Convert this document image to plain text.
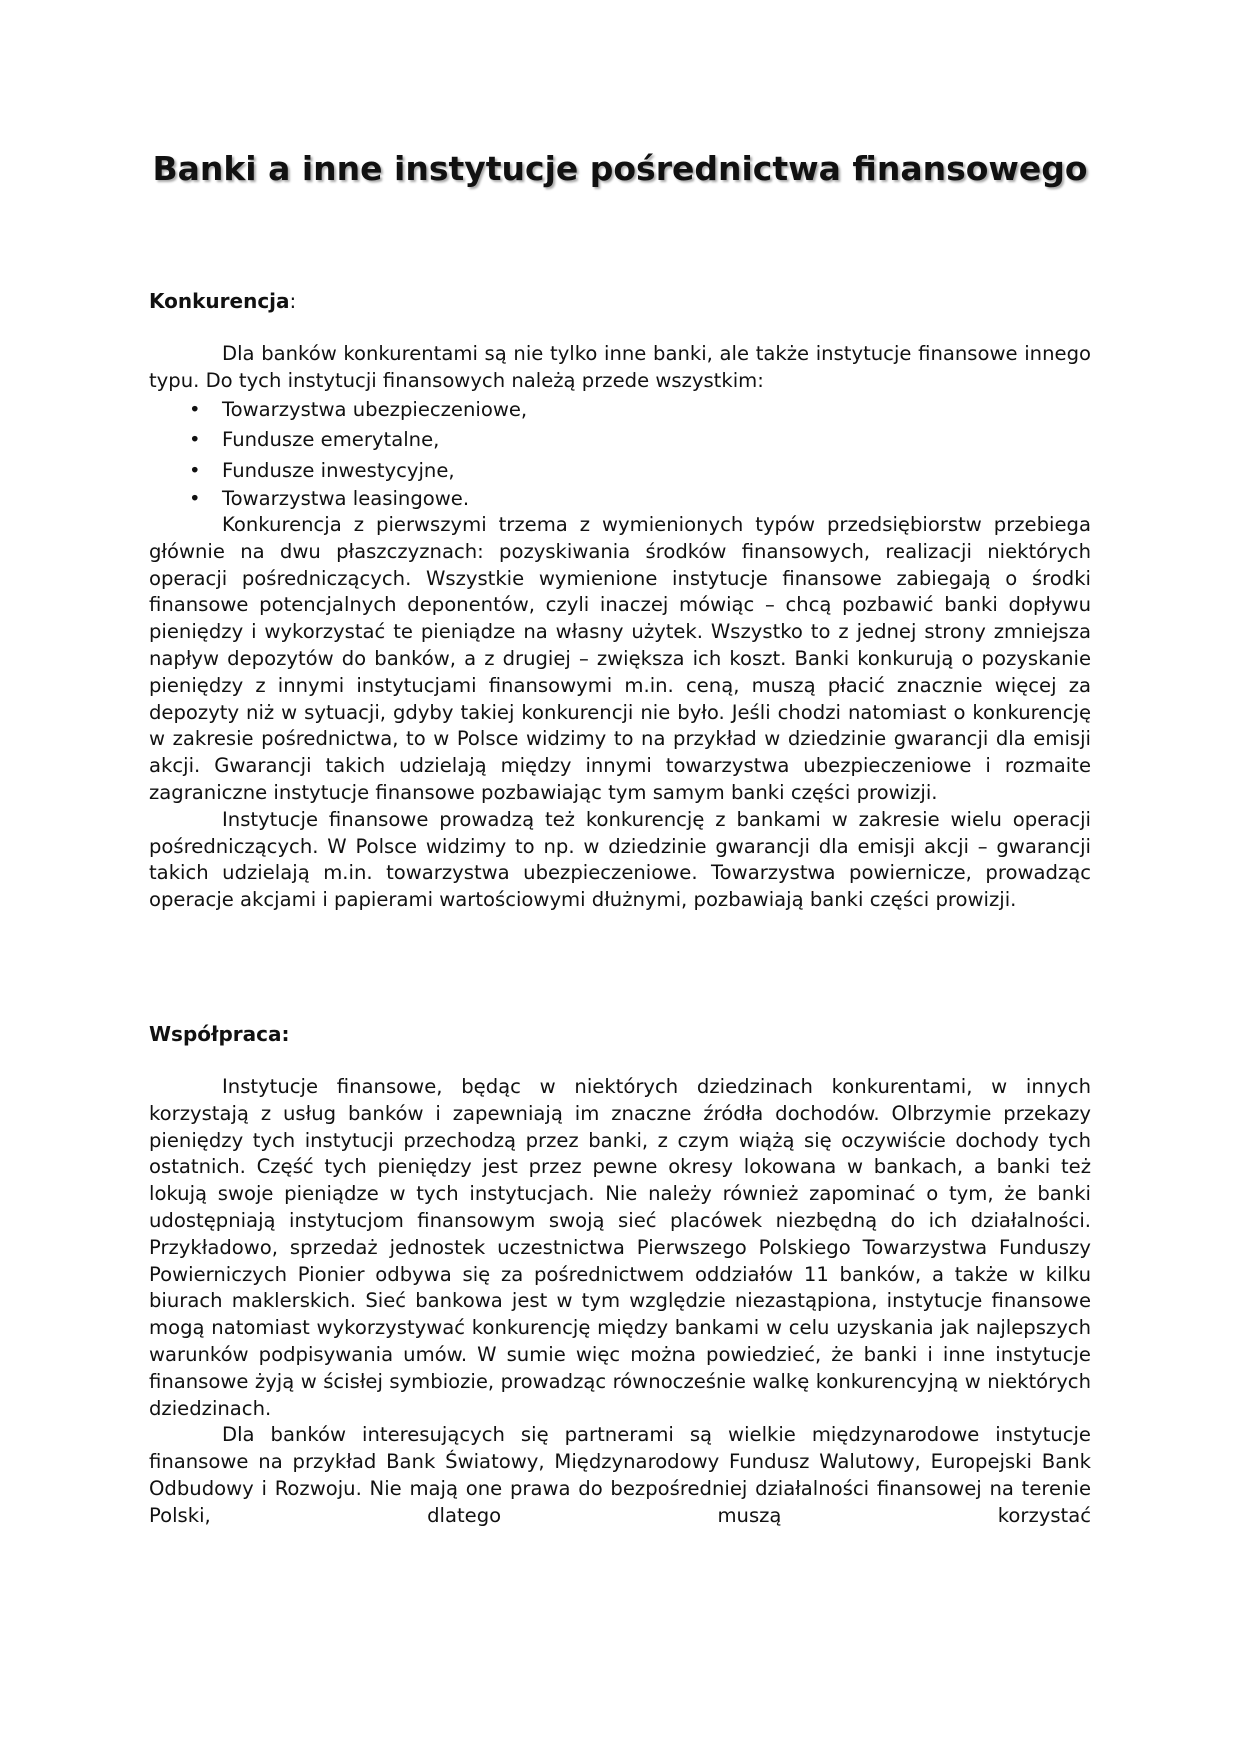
Banki a inne instytucje pośrednictwa finansowego
Konkurencja:

Dla banków konkurentami są nie tylko inne banki, ale także instytucje finansowe innego typu. Do tych instytucji finansowych należą przede wszystkim:

• Towarzystwa ubezpieczeniowe,
• Fundusze emerytalne,
• Fundusze inwestycyjne,
• Towarzystwa leasingowe.

Konkurencja z pierwszymi trzema z wymienionych typów przedsiębiorstw przebiega głównie na dwu płaszczyznach: pozyskiwania środków finansowych, realizacji niektórych operacji pośredniczących. Wszystkie wymienione instytucje finansowe zabiegają o środki finansowe potencjalnych deponentów, czyli inaczej mówiąc – chcą pozbawić banki dopływu pieniędzy i wykorzystać te pieniądze na własny użytek. Wszystko to z jednej strony zmniejsza napływ depozytów do banków, a z drugiej – zwiększa ich koszt. Banki konkurują o pozyskanie pieniędzy z innymi instytucjami finansowymi m.in. ceną, muszą płacić znacznie więcej za depozyty niż w sytuacji, gdyby takiej konkurencji nie było. Jeśli chodzi natomiast o konkurencję w zakresie pośrednictwa, to w Polsce widzimy to na przykład w dziedzinie gwarancji dla emisji akcji. Gwarancji takich udzielają między innymi towarzystwa ubezpieczeniowe i rozmaite zagraniczne instytucje finansowe pozbawiając tym samym banki części prowizji.

Instytucje finansowe prowadzą też konkurencję z bankami w zakresie wielu operacji pośredniczących. W Polsce widzimy to np. w dziedzinie gwarancji dla emisji akcji – gwarancji takich udzielają m.in. towarzystwa ubezpieczeniowe. Towarzystwa powiernicze, prowadząc operacje akcjami i papierami wartościowymi dłużnymi, pozbawiają banki części prowizji.

Współpraca:

Instytucje finansowe, będąc w niektórych dziedzinach konkurentami, w innych korzystają z usług banków i zapewniają im znaczne źródła dochodów. Olbrzymie przekazy pieniędzy tych instytucji przechodzą przez banki, z czym wiążą się oczywiście dochody tych ostatnich. Część tych pieniędzy jest przez pewne okresy lokowana w bankach, a banki też lokują swoje pieniądze w tych instytucjach. Nie należy również zapominać o tym, że banki udostępniają instytucjom finansowym swoją sieć placówek niezbędną do ich działalności. Przykładowo, sprzedaż jednostek uczestnictwa Pierwszego Polskiego Towarzystwa Funduszy Powierniczych Pionier odbywa się za pośrednictwem oddziałów 11 banków, a także w kilku biurach maklerskich. Sieć bankowa jest w tym względzie niezastąpiona, instytucje finansowe mogą natomiast wykorzystywać konkurencję między bankami w celu uzyskania jak najlepszych warunków podpisywania umów. W sumie więc można powiedzieć, że banki i inne instytucje finansowe żyją w ścisłej symbiozie, prowadząc równocześnie walkę konkurencyjną w niektórych dziedzinach.

Dla banków interesujących się partnerami są wielkie międzynarodowe instytucje finansowe na przykład Bank Światowy, Międzynarodowy Fundusz Walutowy, Europejski Bank Odbudowy i Rozwoju. Nie mają one prawa do bezpośredniej działalności finansowej na terenie Polski, dlatego muszą korzystać
